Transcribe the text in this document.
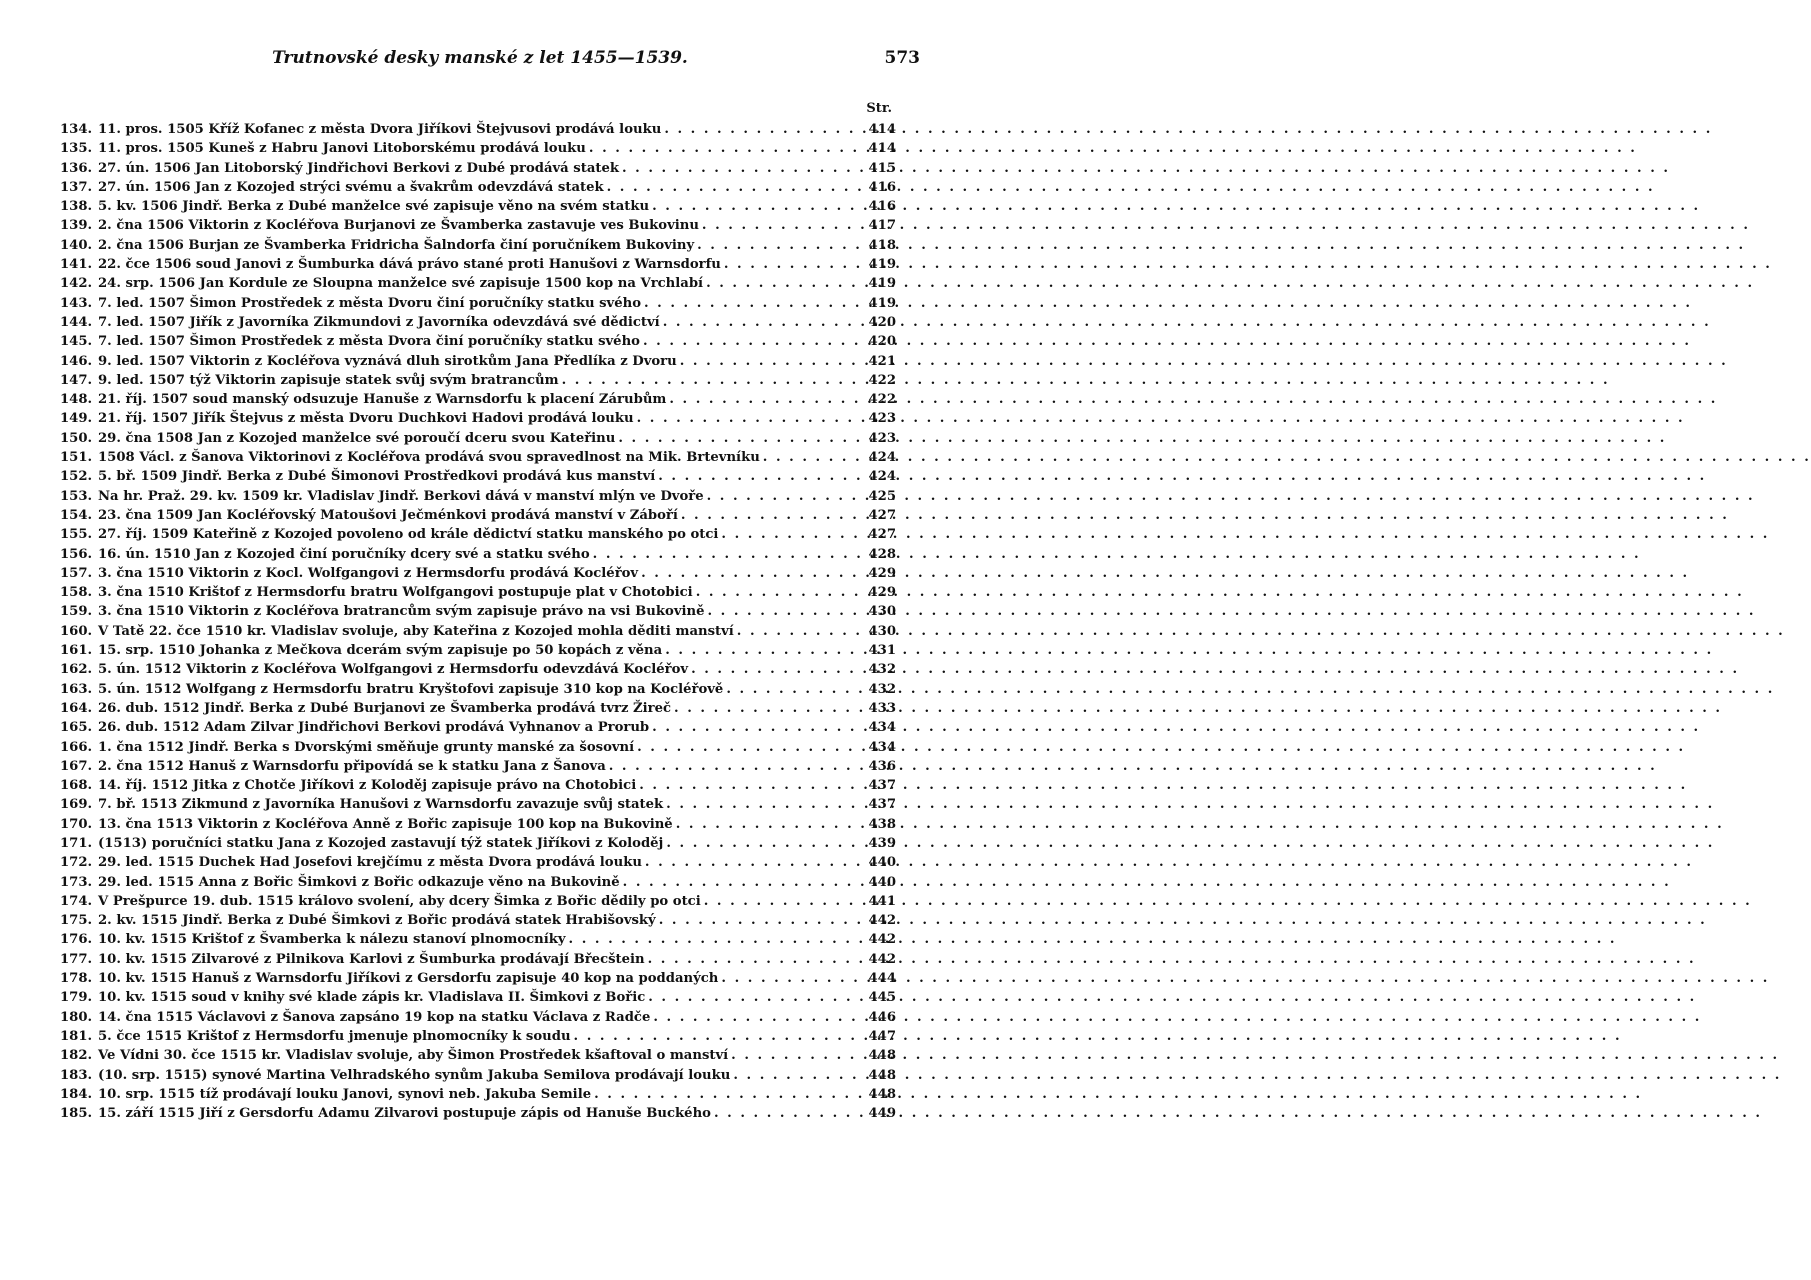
Trutnovské desky manské z let 1455—1539.	573
Str.
134. 11. pros. 1505 Kříž Kofanec z města Dvora Jiříkovi Štejvusovi prodává louku . . .	414
135. 11. pros. 1505 Kuneš z Habru Janovi Litoborskému prodává louku . . .	414
136. 27. ún. 1506 Jan Litoborský Jindřichovi Berkovi z Dubé prodává statek . . .	415
137. 27. ún. 1506 Jan z Kozojed strýci svému a švakrům odevzdává statek . . .	416
138. 5. kv. 1506 Jindř. Berka z Dubé manželce své zapisuje věno na svém statku . . .	416
139. 2. čna 1506 Viktorin z Kocléřova Burjanovi ze Švamberka zastavuje ves Bukovinu . . .	417
140. 2. čna 1506 Burjan ze Švamberka Fridricha Šalndorfa činí poručníkem Bukoviny . . .	418
141. 22. čce 1506 soud Janovi z Šumburka dává právo stané proti Hanušovi z Warnsdorfu . . .	419
142. 24. srp. 1506 Jan Kordule ze Sloupna manželce své zapisuje 1500 kop na Vrchlabí . . .	419
143. 7. led. 1507 Šimon Prostředek z města Dvoru činí poručníky statku svého . . .	419
144. 7. led. 1507 Jiřík z Javorníka Zikmundovi z Javorníka odevzdává své dědictví . . .	420
145. 7. led. 1507 Šimon Prostředek z města Dvora činí poručníky statku svého . . .	420
146. 9. led. 1507 Viktorin z Kocléřova vyznává dluh sirotkům Jana Předlíka z Dvoru . . .	421
147. 9. led. 1507 týž Viktorin zapisuje statek svůj svým bratrancům . . .	422
148. 21. říj. 1507 soud manský odsuzuje Hanuše z Warnsdorfu k placení Zárubům . . .	422
149. 21. říj. 1507 Jiřík Štejvus z města Dvoru Duchkovi Hadovi prodává louku . . .	423
150. 29. čna 1508 Jan z Kozojed manželce své poroučí dceru svou Kateřinu . . .	423
151. 1508 Václ. z Šanova Viktorinovi z Kocléřova prodává svou spravedlnost na Mik. Brtevníku . . .	424
152. 5. bř. 1509 Jindř. Berka z Dubé Šimonovi Prostředkovi prodává kus manství . . .	424
153. Na hr. Praž. 29. kv. 1509 kr. Vladislav Jindř. Berkovi dává v manství mlýn ve Dvoře . . .	425
154. 23. čna 1509 Jan Kocléřovský Matoušovi Ječménkovi prodává manství v Záboří . . .	427
155. 27. říj. 1509 Kateřině z Kozojed povoleno od krále dědictví statku manského po otci . . .	427
156. 16. ún. 1510 Jan z Kozojed činí poručníky dcery své a statku svého . . .	428
157. 3. čna 1510 Viktorin z Kocl. Wolfgangovi z Hermsdorfu prodává Kocléřov . . .	429
158. 3. čna 1510 Krištof z Hermsdorfu bratru Wolfgangovi postupuje plat v Chotobici . . .	429
159. 3. čna 1510 Viktorin z Kocléřova bratrancům svým zapisuje právo na vsi Bukovině . . .	430
160. V Tatě 22. čce 1510 kr. Vladislav svoluje, aby Kateřina z Kozojed mohla děditi manství . . .	430
161. 15. srp. 1510 Johanka z Mečkova dcerám svým zapisuje po 50 kopách z věna . . .	431
162. 5. ún. 1512 Viktorin z Kocléřova Wolfgangovi z Hermsdorfu odevzdává Kocléřov . . .	432
163. 5. ún. 1512 Wolfgang z Hermsdorfu bratru Kryštofovi zapisuje 310 kop na Kocléřově . . .	432
164. 26. dub. 1512 Jindř. Berka z Dubé Burjanovi ze Švamberka prodává tvrz Žireč . . .	433
165. 26. dub. 1512 Adam Zilvar Jindřichovi Berkovi prodává Vyhnanov a Prorub . . .	434
166. 1. čna 1512 Jindř. Berka s Dvorskými směňuje grunty manské za šosovní . . .	434
167. 2. čna 1512 Hanuš z Warnsdorfu připovídá se k statku Jana z Šanova . . .	436
168. 14. říj. 1512 Jitka z Chotče Jiříkovi z Koloděj zapisuje právo na Chotobici . . .	437
169. 7. bř. 1513 Zikmund z Javorníka Hanušovi z Warnsdorfu zavazuje svůj statek . . .	437
170. 13. čna 1513 Viktorin z Kocléřova Anně z Bořic zapisuje 100 kop na Bukovině . . .	438
171. (1513) poručníci statku Jana z Kozojed zastavují týž statek Jiříkovi z Koloděj . . .	439
172. 29. led. 1515 Duchek Had Josefovi krejčímu z města Dvora prodává louku . . .	440
173. 29. led. 1515 Anna z Bořic Šimkovi z Bořic odkazuje věno na Bukovině . . .	440
174. V Prešpurce 19. dub. 1515 královo svolení, aby dcery Šimka z Bořic dědily po otci . . .	441
175. 2. kv. 1515 Jindř. Berka z Dubé Šimkovi z Bořic prodává statek Hrabišovský . . .	442
176. 10. kv. 1515 Krištof z Švamberka k nálezu stanoví plnomocníky . . .	442
177. 10. kv. 1515 Zilvarové z Pilnikova Karlovi z Šumburka prodávají Břecštein . . .	442
178. 10. kv. 1515 Hanuš z Warnsdorfu Jiříkovi z Gersdorfu zapisuje 40 kop na poddaných . . .	444
179. 10. kv. 1515 soud v knihy své klade zápis kr. Vladislava II. Šimkovi z Bořic . . .	445
180. 14. čna 1515 Václavovi z Šanova zapsáno 19 kop na statku Václava z Radče . . .	446
181. 5. čce 1515 Krištof z Hermsdorfu jmenuje plnomocníky k soudu . . .	447
182. Ve Vídni 30. čce 1515 kr. Vladislav svoluje, aby Šimon Prostředek kšaftoval o manství . . .	448
183. (10. srp. 1515) synové Martina Velhradského synům Jakuba Semilova prodávají louku . . .	448
184. 10. srp. 1515 tíž prodávají louku Janovi, synovi neb. Jakuba Semile . . .	448
185. 15. září 1515 Jiří z Gersdorfu Adamu Zilvarovi postupuje zápis od Hanuše Buckého . . .	449
